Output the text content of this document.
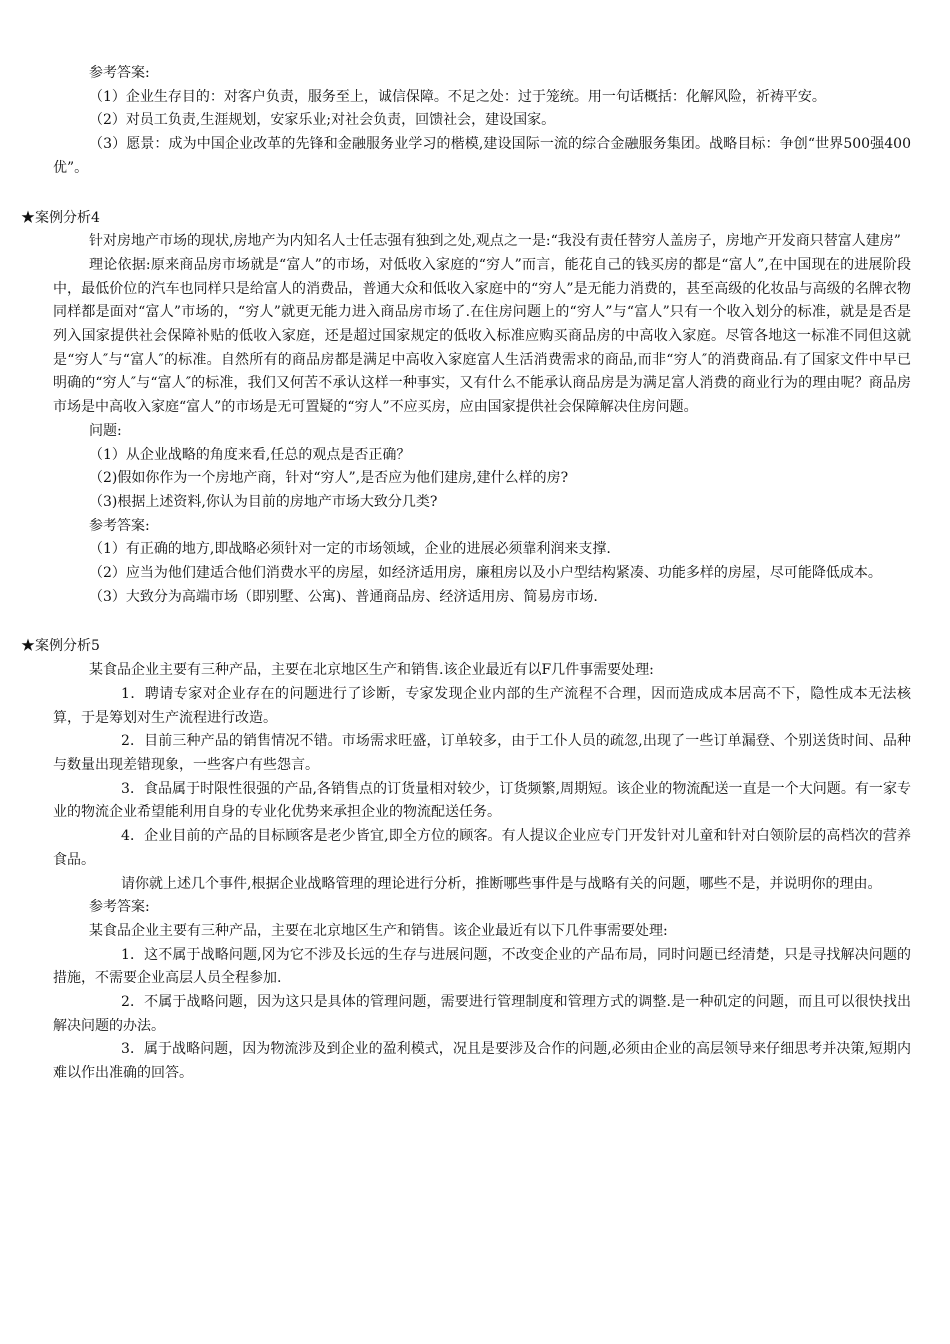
参考答案:

（1）企业生存目的：对客户负责，服务至上，诚信保障。不足之处：过于笼统。用一句话概括：化解风险，祈祷平安。

（2）对员工负责,生涯规划，安家乐业;对社会负责，回馈社会，建设国家。

（3）愿景：成为中国企业改革的先锋和金融服务业学习的楷模,建设国际一流的综合金融服务集团。战略目标：争创“世界500强400优”。

★案例分析4

针对房地产市场的现状,房地产为内知名人士任志强有独到之处,观点之一是:“我没有责任替穷人盖房子，房地产开发商只替富人建房”

理论依据:原来商品房市场就是“富人”的市场，对低收入家庭的“穷人”而言，能花自己的钱买房的都是“富人”,在中国现在的进展阶段中，最低价位的汽车也同样只是给富人的消费品，普通大众和低收入家庭中的“穷人”是无能力消费的，甚至高级的化妆品与高级的名牌衣物同样都是面对“富人”市场的，“穷人”就更无能力进入商品房市场了.在住房问题上的“穷人”与“富人”只有一个收入划分的标准，就是是否是列入国家提供社会保障补贴的低收入家庭，还是超过国家规定的低收入标准应购买商品房的中高收入家庭。尽管各地这一标准不同但这就是“穷人″与“富人″的标准。自然所有的商品房都是满足中高收入家庭富人生活消费需求的商品,而非“穷人″的消费商品.有了国家文件中早已明确的“穷人″与“富人″的标准，我们又何苦不承认这样一种事实，又有什么不能承认商品房是为满足富人消费的商业行为的理由呢？商品房市场是中高收入家庭“富人”的市场是无可置疑的“穷人”不应买房，应由国家提供社会保障解决住房问题。

问题:

（1）从企业战略的角度来看,任总的观点是否正确？

（2)假如你作为一个房地产商，针对“穷人”,是否应为他们建房,建什么样的房?

（3)根据上述资料,你认为目前的房地产市场大致分几类?

参考答案:

（1）有正确的地方,即战略必须针对一定的市场领域，企业的进展必须靠利润来支撑.

（2）应当为他们建适合他们消费水平的房屋，如经济适用房，廉租房以及小户型结构紧凑、功能多样的房屋，尽可能降低成本。

（3）大致分为高端市场（即别墅、公寓)、普通商品房、经济适用房、简易房市场.

★案例分析5

某食品企业主要有三种产品，主要在北京地区生产和销售.该企业最近有以F几件事需要处理:

1．聘请专家对企业存在的问题进行了诊断，专家发现企业内部的生产流程不合理，因而造成成本居高不下，隐性成本无法核算，于是筹划对生产流程进行改造。

2．目前三种产品的销售情况不错。市场需求旺盛，订单较多，由于工仆人员的疏忽,出现了一些订单漏登、个别送货时间、品种与数量出现差错现象，一些客户有些怨言。

3．食品属于时限性很强的产品,各销售点的订货量相对较少，订货频繁,周期短。该企业的物流配送一直是一个大问题。有一家专业的物流企业希望能利用自身的专业化优势来承担企业的物流配送任务。

4．企业目前的产品的目标顾客是老少皆宜,即全方位的顾客。有人提议企业应专门开发针对儿童和针对白领阶层的高档次的营养食品。

请你就上述几个事件,根据企业战略管理的理论进行分析，推断哪些事件是与战略有关的问题，哪些不是，并说明你的理由。

参考答案:

某食品企业主要有三种产品，主要在北京地区生产和销售。该企业最近有以下几件事需要处理:

1．这不属于战略问题,冈为它不涉及长远的生存与进展问题，不改变企业的产品布局，同时问题已经清楚，只是寻找解决问题的措施，不需要企业高层人员全程参加.

2．不属于战略问题，因为这只是具体的管理问题，需要进行管理制度和管理方式的调整.是一种矶定的问题，而且可以很快找出解决问题的办法。

3．属于战略问题，因为物流涉及到企业的盈利模式，况且是要涉及合作的问题,必须由企业的高层领导来仔细思考并决策,短期内难以作出准确的回答。
